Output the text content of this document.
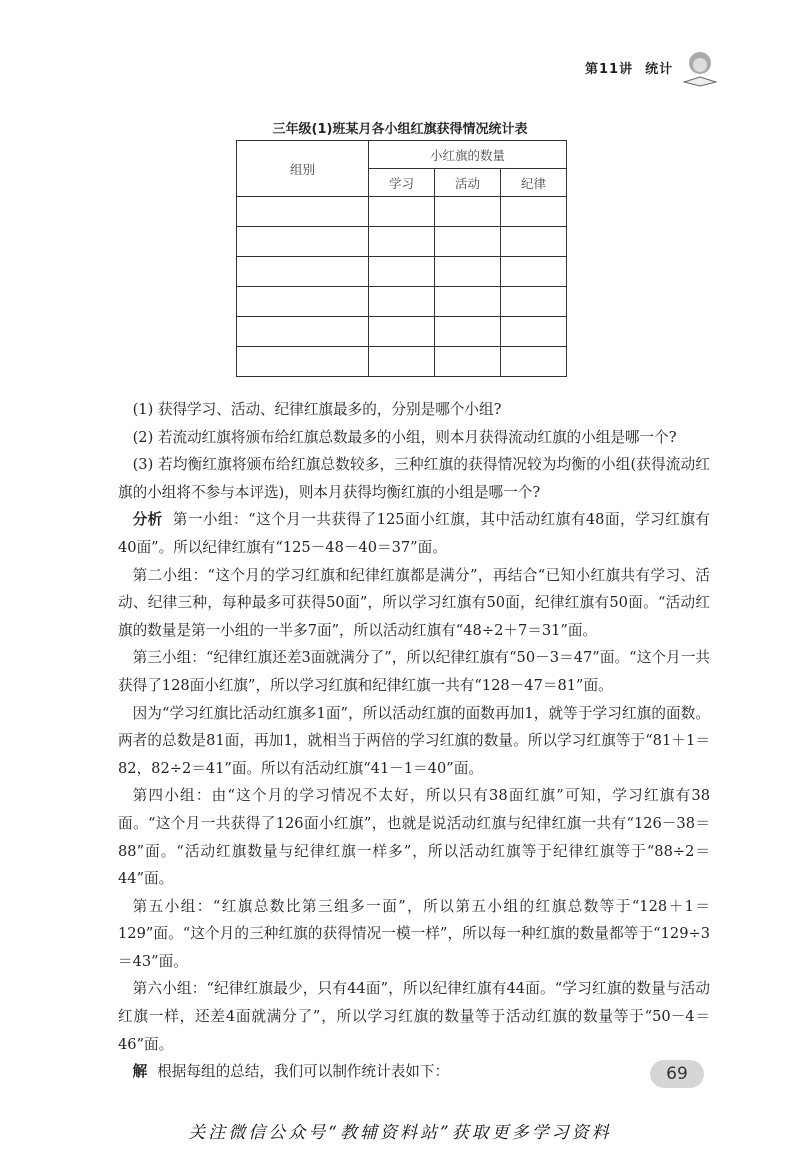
第11讲 统计
三年级(1)班某月各小组红旗获得情况统计表
组别	小红旗的数量		
	学习	活动	纪律

(1) 获得学习、活动、纪律红旗最多的，分别是哪个小组?

(2) 若流动红旗将颁布给红旗总数最多的小组，则本月获得流动红旗的小组是哪一个?

(3) 若均衡红旗将颁布给红旗总数较多，三种红旗的获得情况较为均衡的小组(获得流动红旗的小组将不参与本评选)，则本月获得均衡红旗的小组是哪一个?

分析 第一小组：“这个月一共获得了125面小红旗，其中活动红旗有48面，学习红旗有40面”。所以纪律红旗有“125－48－40＝37”面。

第二小组：“这个月的学习红旗和纪律红旗都是满分”，再结合“已知小红旗共有学习、活动、纪律三种，每种最多可获得50面”，所以学习红旗有50面，纪律红旗有50面。“活动红旗的数量是第一小组的一半多7面”，所以活动红旗有“48÷2＋7＝31”面。

第三小组：“纪律红旗还差3面就满分了”，所以纪律红旗有“50－3＝47”面。“这个月一共获得了128面小红旗”，所以学习红旗和纪律红旗一共有“128－47＝81”面。

因为“学习红旗比活动红旗多1面”，所以活动红旗的面数再加1，就等于学习红旗的面数。两者的总数是81面，再加1，就相当于两倍的学习红旗的数量。所以学习红旗等于“81＋1＝82，82÷2＝41”面。所以有活动红旗“41－1＝40”面。

第四小组：由“这个月的学习情况不太好，所以只有38面红旗”可知，学习红旗有38面。“这个月一共获得了126面小红旗”，也就是说活动红旗与纪律红旗一共有“126－38＝88”面。“活动红旗数量与纪律红旗一样多”，所以活动红旗等于纪律红旗等于“88÷2＝44”面。

第五小组：“红旗总数比第三组多一面”，所以第五小组的红旗总数等于“128＋1＝129”面。“这个月的三种红旗的获得情况一模一样”，所以每一种红旗的数量都等于“129÷3＝43”面。

第六小组：“纪律红旗最少，只有44面”，所以纪律红旗有44面。“学习红旗的数量与活动红旗一样，还差4面就满分了”，所以学习红旗的数量等于活动红旗的数量等于“50－4＝46”面。

解 根据每组的总结，我们可以制作统计表如下：	69
关注微信公众号“教辅资料站”获取更多学习资料
